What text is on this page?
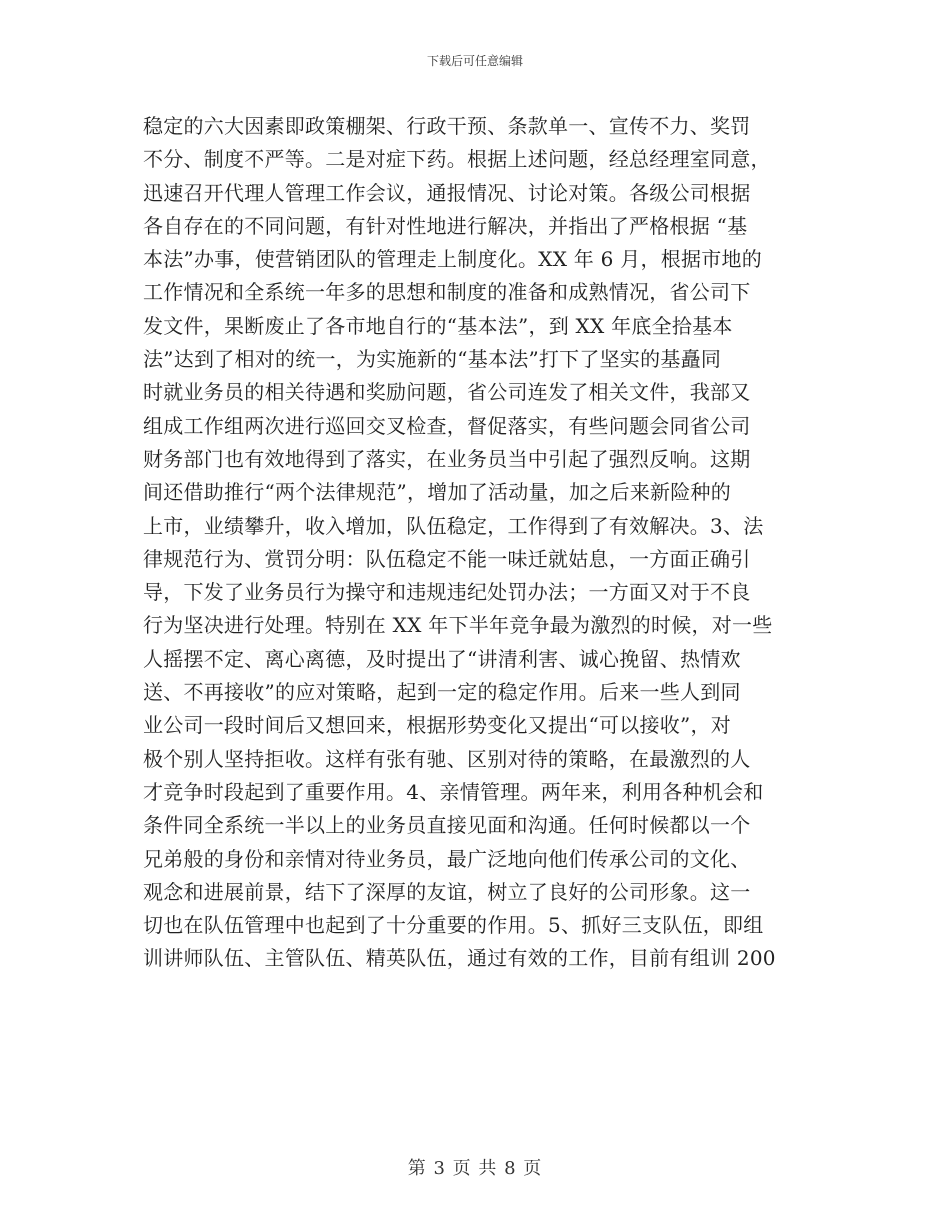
下载后可任意编辑
稳定的六大因素即政策棚架、行政干预、条款单一、宣传不力、奖罚
不分、制度不严等。二是对症下药。根据上述问题，经总经理室同意，
迅速召开代理人管理工作会议，通报情况、讨论对策。各级公司根据
各自存在的不同问题，有针对性地进行解决，并指出了严格根据 “基
本法”办事，使营销团队的管理走上制度化。XX 年 6 月，根据市地的
工作情况和全系统一年多的思想和制度的准备和成熟情况，省公司下
发文件，果断废止了各市地自行的“基本法”，到 XX 年底全拾基本
法”达到了相对的统一，为实施新的“基本法”打下了坚实的基矗同
时就业务员的相关待遇和奖励问题，省公司连发了相关文件，我部又
组成工作组两次进行巡回交叉检查，督促落实，有些问题会同省公司
财务部门也有效地得到了落实，在业务员当中引起了强烈反响。这期
间还借助推行“两个法律规范”，增加了活动量，加之后来新险种的
上市，业绩攀升，收入增加，队伍稳定，工作得到了有效解决。3、法
律规范行为、赏罚分明：队伍稳定不能一味迁就姑息，一方面正确引
导，下发了业务员行为操守和违规违纪处罚办法；一方面又对于不良
行为坚决进行处理。特别在 XX 年下半年竞争最为激烈的时候，对一些
人摇摆不定、离心离德，及时提出了“讲清利害、诚心挽留、热情欢
送、不再接收”的应对策略，起到一定的稳定作用。后来一些人到同
业公司一段时间后又想回来，根据形势变化又提出“可以接收”，对
极个别人坚持拒收。这样有张有驰、区别对待的策略，在最激烈的人
才竞争时段起到了重要作用。4、亲情管理。两年来，利用各种机会和
条件同全系统一半以上的业务员直接见面和沟通。任何时候都以一个
兄弟般的身份和亲情对待业务员，最广泛地向他们传承公司的文化、
观念和进展前景，结下了深厚的友谊，树立了良好的公司形象。这一
切也在队伍管理中也起到了十分重要的作用。5、抓好三支队伍，即组
训讲师队伍、主管队伍、精英队伍，通过有效的工作，目前有组训 200
第 3 页 共 8 页
